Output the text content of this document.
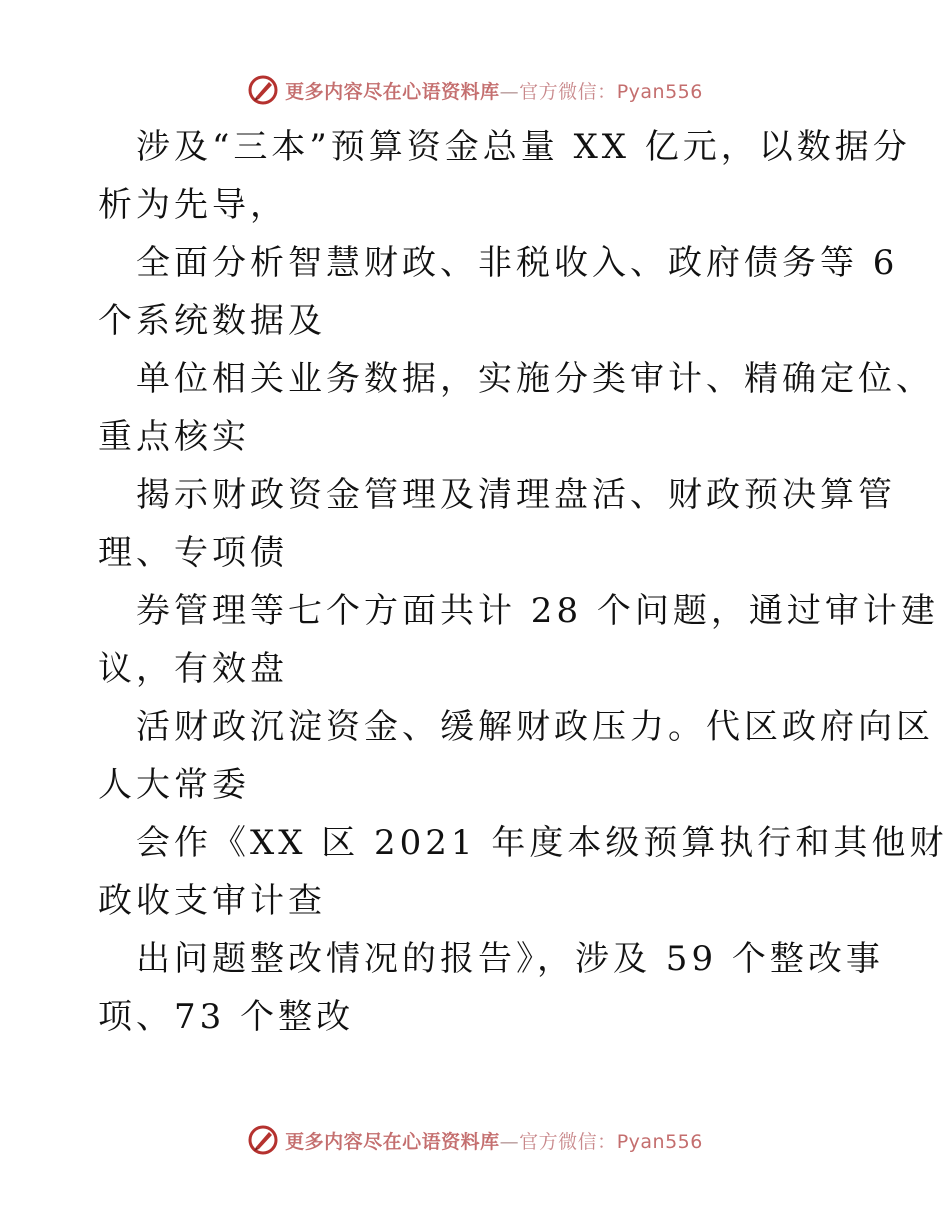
更多内容尽在心语资料库—官方微信：Pyan556
涉及“三本”预算资金总量 XX 亿元，以数据分
析为先导，
全面分析智慧财政、非税收入、政府债务等 6
个系统数据及
单位相关业务数据，实施分类审计、精确定位、
重点核实
揭示财政资金管理及清理盘活、财政预决算管
理、专项债
券管理等七个方面共计 28 个问题，通过审计建
议，有效盘
活财政沉淀资金、缓解财政压力。代区政府向区
人大常委
会作《XX 区 2021 年度本级预算执行和其他财
政收支审计查
出问题整改情况的报告》，涉及 59 个整改事
项、73 个整改
更多内容尽在心语资料库—官方微信：Pyan556
